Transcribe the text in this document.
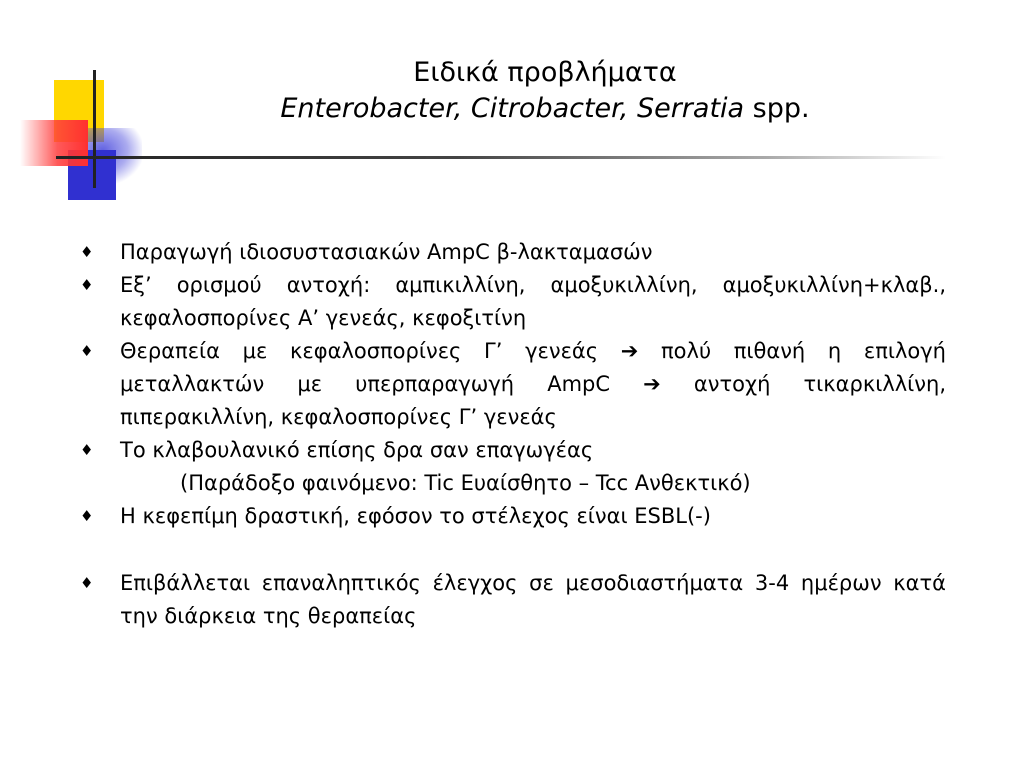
Ειδικά προβλήματα
Enterobacter, Citrobacter, Serratia spp.
♦ Παραγωγή ιδιοσυστασιακών AmpC β-λακταμασών
♦ Εξ’ ορισμού αντοχή: αμπικιλλίνη, αμοξυκιλλίνη, αμοξυκιλλίνη+κλαβ., κεφαλοσπορίνες Α’ γενεάς, κεφοξιτίνη
♦ Θεραπεία με κεφαλοσπορίνες Γ’ γενεάς ➔ πολύ πιθανή η επιλογή μεταλλακτών με υπερπαραγωγή AmpC ➔ αντοχή τικαρκιλλίνη, πιπερακιλλίνη, κεφαλοσπορίνες Γ’ γενεάς
♦ Το κλαβουλανικό επίσης δρα σαν επαγωγέας
(Παράδοξο φαινόμενο: Tic Ευαίσθητο – Tcc Ανθεκτικό)
♦ Η κεφεπίμη δραστική, εφόσον το στέλεχος είναι ESBL(-)
♦ Επιβάλλεται επαναληπτικός έλεγχος σε μεσοδιαστήματα 3-4 ημέρων κατά την διάρκεια της θεραπείας
